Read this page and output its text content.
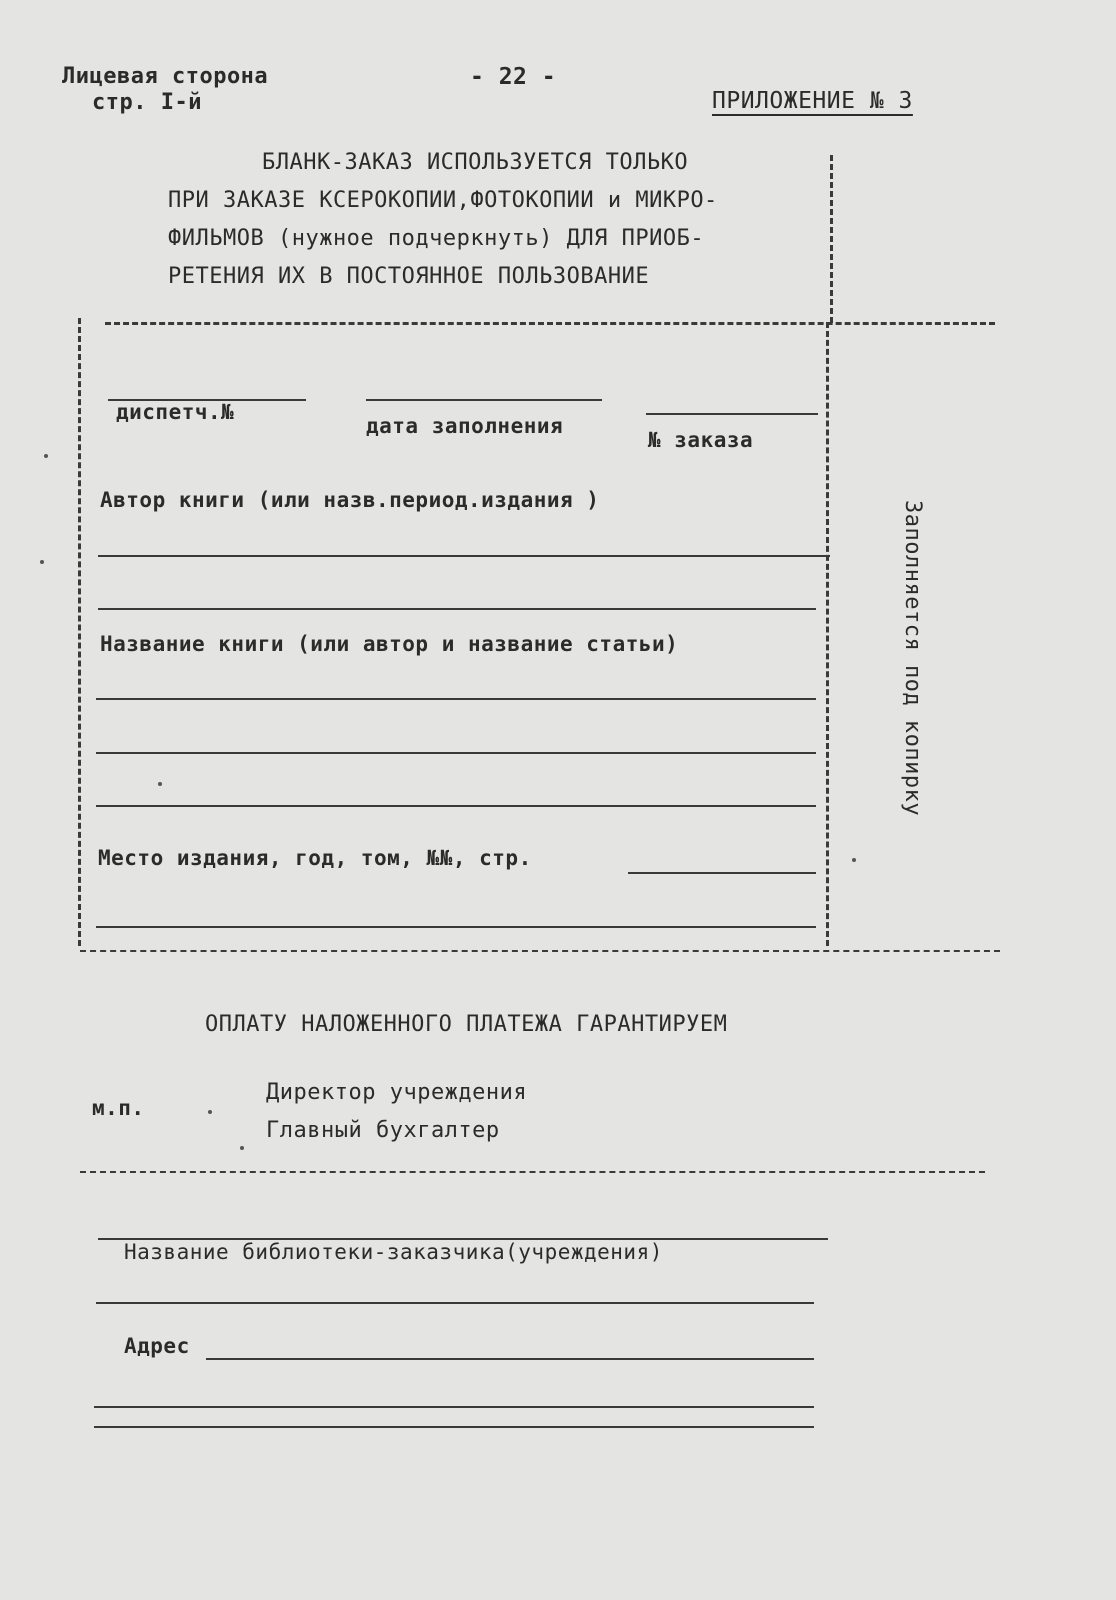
Лицевая сторона
стр. I-й
- 22 -
ПРИЛОЖЕНИЕ № 3
БЛАНК-ЗАКАЗ ИСПОЛЬЗУЕТСЯ ТОЛЬКО
ПРИ ЗАКАЗЕ КСЕРОКОПИИ,ФОТОКОПИИ и МИКРО-
ФИЛЬМОВ (нужное подчеркнуть) ДЛЯ ПРИОБ-
РЕТЕНИЯ ИХ В ПОСТОЯННОЕ ПОЛЬЗОВАНИЕ
диспетч.№
дата заполнения
№ заказа
Автор книги (или назв.период.издания )
Название книги (или автор и название статьи)
Место издания, год, том, №№, стр.
Заполняется под копирку
ОПЛАТУ НАЛОЖЕННОГО ПЛАТЕЖА ГАРАНТИРУЕМ
м.п.
Директор учреждения
Главный бухгалтер
Название библиотеки-заказчика(учреждения)
Адрес
